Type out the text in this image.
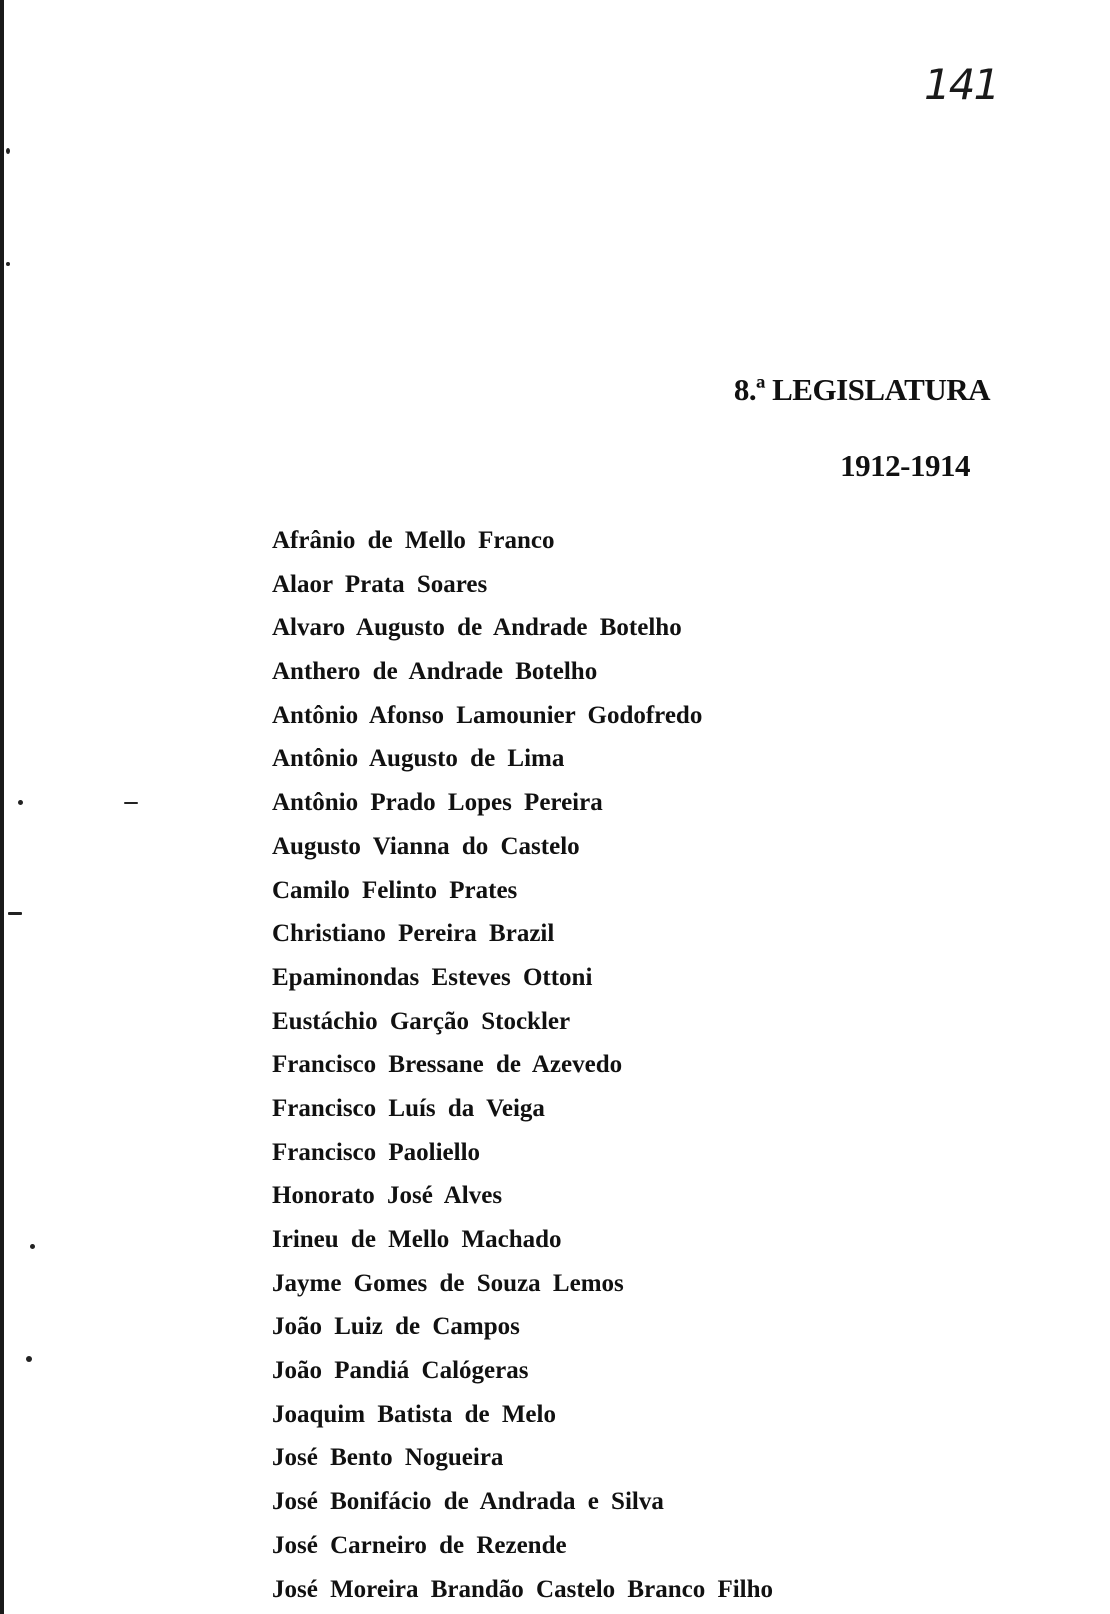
141
8.ª LEGISLATURA
1912-1914
Afrânio de Mello Franco
Alaor Prata Soares
Alvaro Augusto de Andrade Botelho
Anthero de Andrade Botelho
Antônio Afonso Lamounier Godofredo
Antônio Augusto de Lima
Antônio Prado Lopes Pereira
Augusto Vianna do Castelo
Camilo Felinto Prates
Christiano Pereira Brazil
Epaminondas Esteves Ottoni
Eustáchio Garção Stockler
Francisco Bressane de Azevedo
Francisco Luís da Veiga
Francisco Paoliello
Honorato José Alves
Irineu de Mello Machado
Jayme Gomes de Souza Lemos
João Luiz de Campos
João Pandiá Calógeras
Joaquim Batista de Melo
José Bento Nogueira
José Bonifácio de Andrada e Silva
José Carneiro de Rezende
José Moreira Brandão Castelo Branco Filho
